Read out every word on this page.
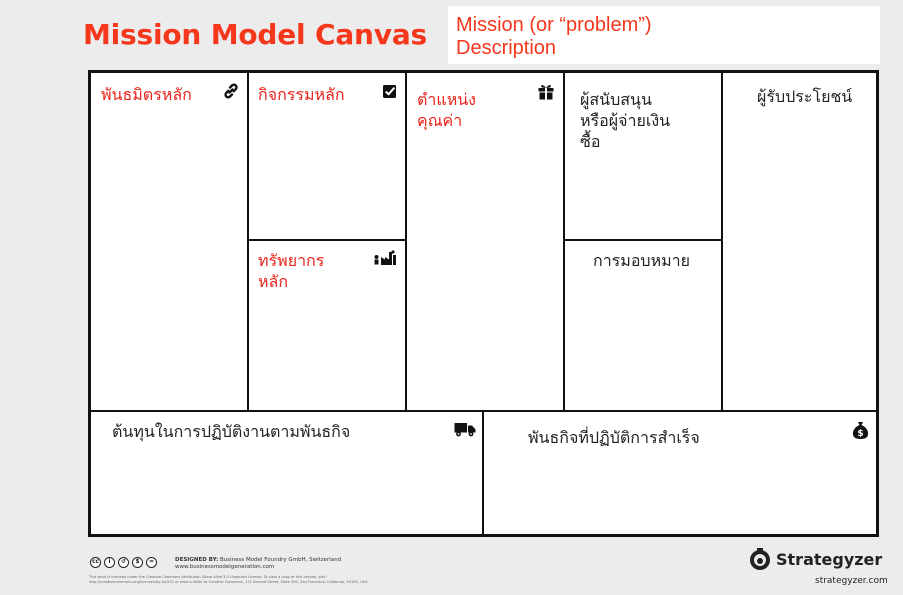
Mission Model Canvas Mission (or “problem”)
Description
พันธมิตรหลัก	กิจกรรมหลัก
ทรัพยากร
หลัก
ตำแหน่ง
คุณค่า
ผู้สนับสนุน
หรือผู้จ่ายเงิน
ซื้อ
การมอบหมาย
ผู้รับประโยชน์
ต้นทุนในการปฏิบัติงานตามพันธกิจ	พันธกิจที่ปฏิบัติการสำเร็จ	$
cc	i	↺	$	=	DESIGNED BY: Business Model Foundry GmbH, Switzerland
www.businessmodelgeneration.com
This work is licensed under the Creative Commons Attribution-Share Alike 3.0 Unported License. To view a copy of this license, visit: http://creativecommons.org/licenses/by-sa/3.0/ or send a letter to Creative Commons, 171 Second Street, Suite 300, San Francisco, California, 94105, USA.
Strategyzer
strategyzer.com
